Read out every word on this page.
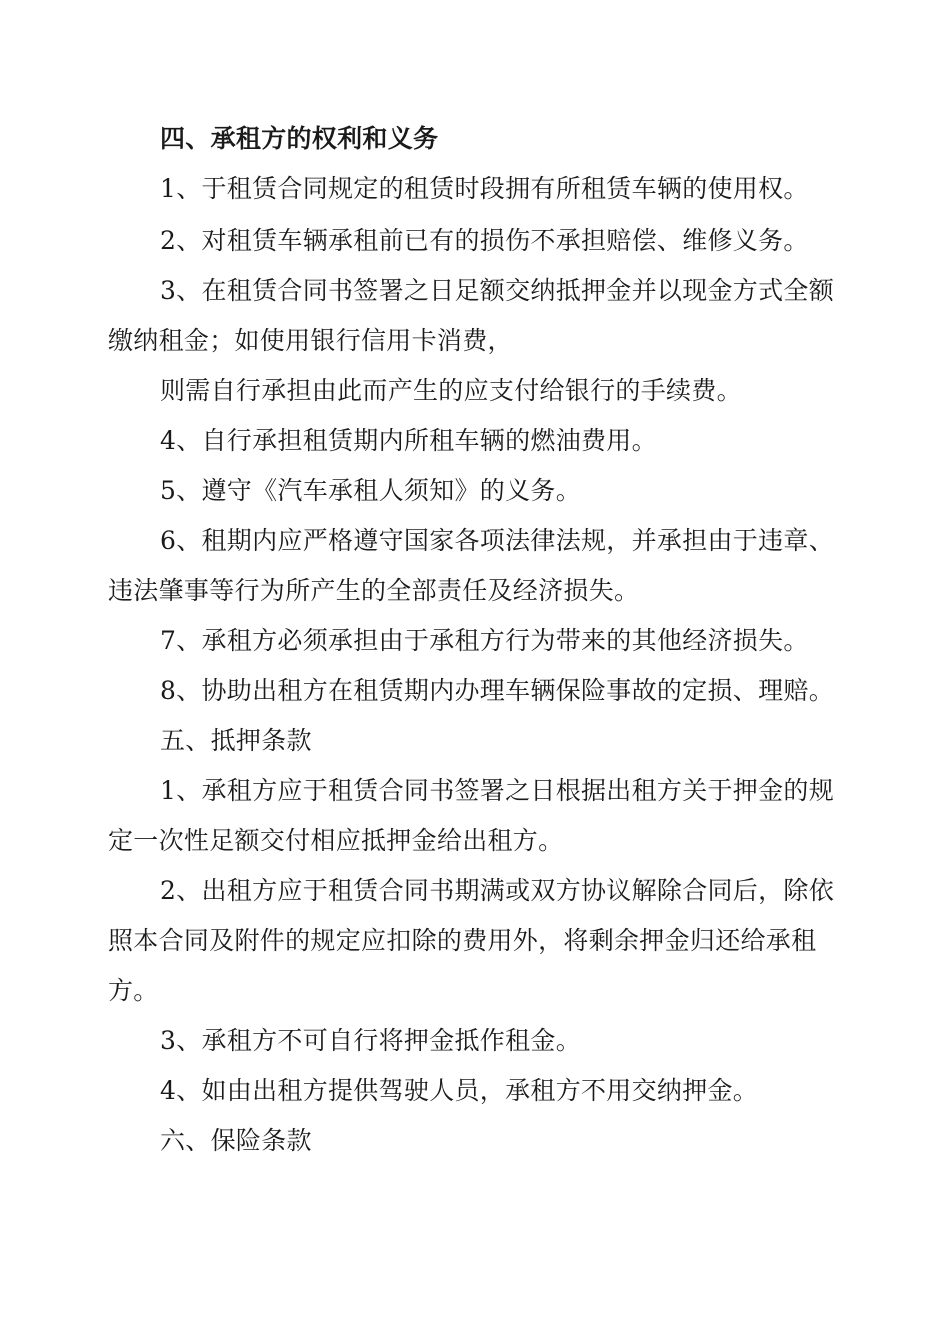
四、承租方的权利和义务
1、于租赁合同规定的租赁时段拥有所租赁车辆的使用权。
2、对租赁车辆承租前已有的损伤不承担赔偿、维修义务。
3、在租赁合同书签署之日足额交纳抵押金并以现金方式全额
缴纳租金；如使用银行信用卡消费，
则需自行承担由此而产生的应支付给银行的手续费。
4、自行承担租赁期内所租车辆的燃油费用。
5、遵守《汽车承租人须知》的义务。
6、租期内应严格遵守国家各项法律法规，并承担由于违章、
违法肇事等行为所产生的全部责任及经济损失。
7、承租方必须承担由于承租方行为带来的其他经济损失。
8、协助出租方在租赁期内办理车辆保险事故的定损、理赔。
五、抵押条款
1、承租方应于租赁合同书签署之日根据出租方关于押金的规
定一次性足额交付相应抵押金给出租方。
2、出租方应于租赁合同书期满或双方协议解除合同后，除依
照本合同及附件的规定应扣除的费用外，将剩余押金归还给承租
方。
3、承租方不可自行将押金抵作租金。
4、如由出租方提供驾驶人员，承租方不用交纳押金。
六、保险条款
